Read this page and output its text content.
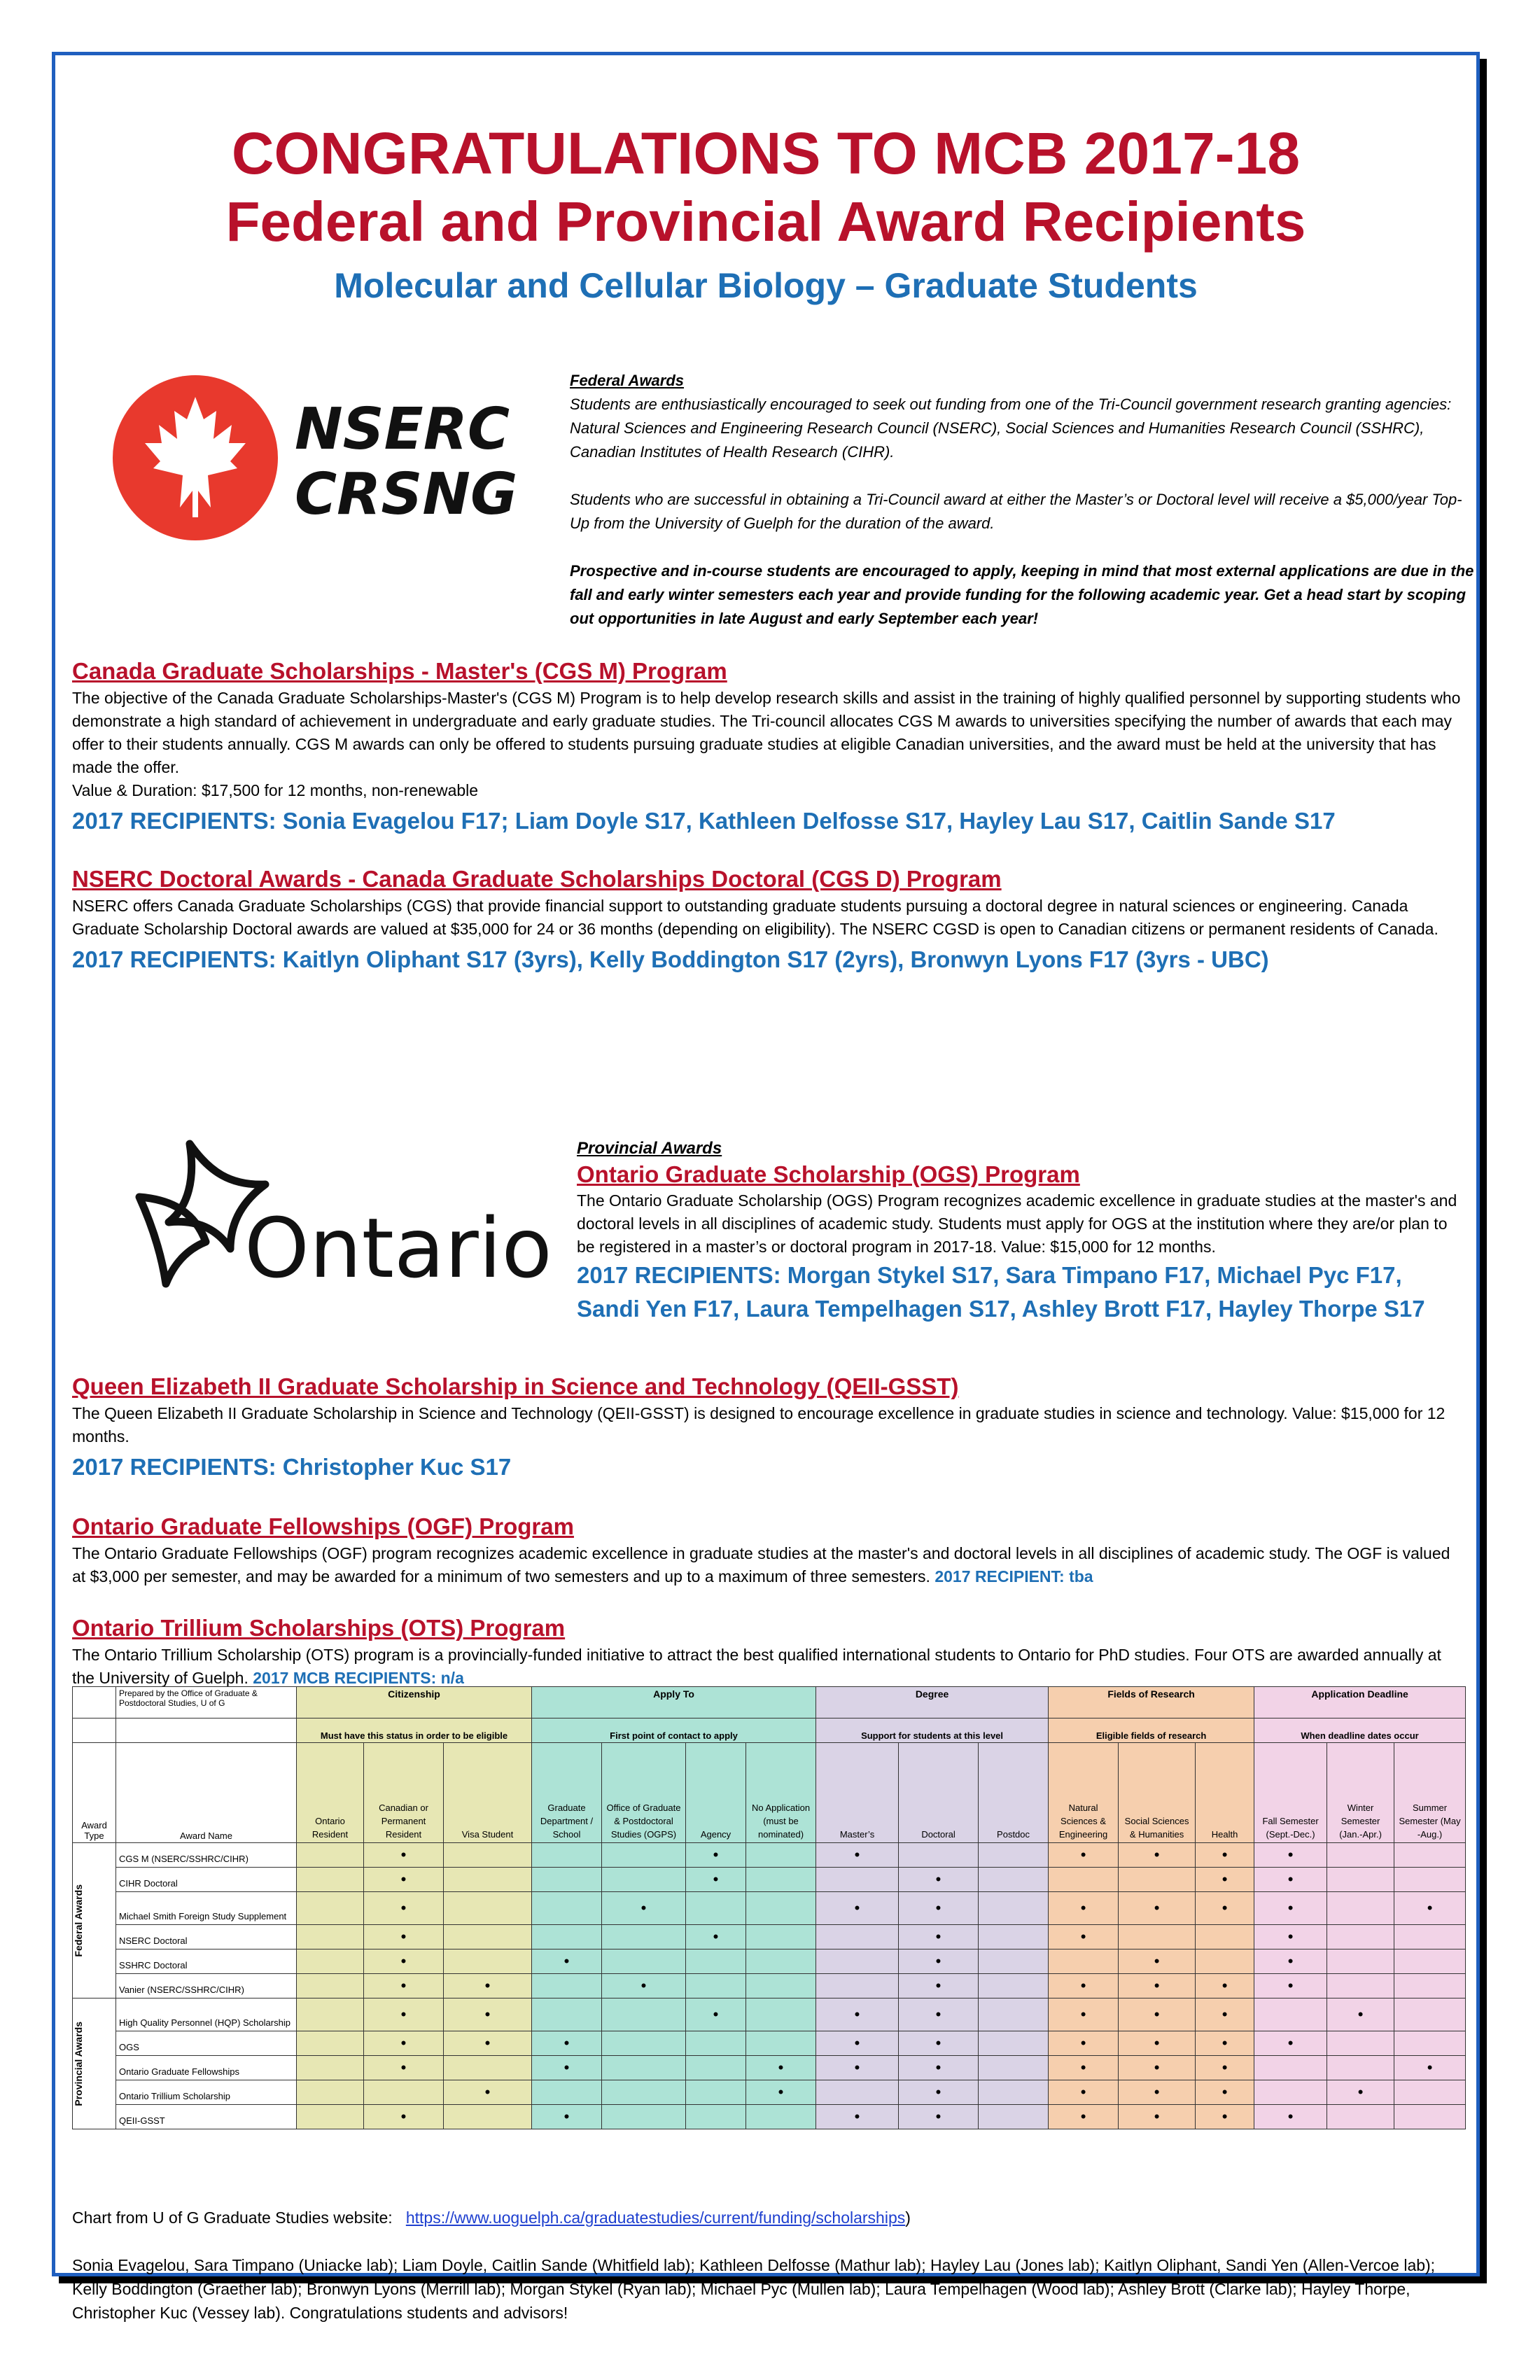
CONGRATULATIONS TO MCB 2017-18
Federal and Provincial Award Recipients
Molecular and Cellular Biology – Graduate Students
NSERC
CRSNG
Federal Awards

Students are enthusiastically encouraged to seek out funding from one of the Tri-Council government research granting agencies: Natural Sciences and Engineering Research Council (NSERC), Social Sciences and Humanities Research Council (SSHRC), Canadian Institutes of Health Research (CIHR).

Students who are successful in obtaining a Tri-Council award at either the Master’s or Doctoral level will receive a $5,000/year Top-Up from the University of Guelph for the duration of the award.

Prospective and in-course students are encouraged to apply, keeping in mind that most external applications are due in the fall and early winter semesters each year and provide funding for the following academic year. Get a head start by scoping out opportunities in late August and early September each year!

Canada Graduate Scholarships - Master's (CGS M) Program
The objective of the Canada Graduate Scholarships-Master's (CGS M) Program is to help develop research skills and assist in the training of highly qualified personnel by supporting students who demonstrate a high standard of achievement in undergraduate and early graduate studies. The Tri-council allocates CGS M awards to universities specifying the number of awards that each may offer to their students annually. CGS M awards can only be offered to students pursuing graduate studies at eligible Canadian universities, and the award must be held at the university that has made the offer.
Value & Duration: $17,500 for 12 months, non-renewable
2017 RECIPIENTS: Sonia Evagelou F17; Liam Doyle S17, Kathleen Delfosse S17, Hayley Lau S17, Caitlin Sande S17
NSERC Doctoral Awards - Canada Graduate Scholarships Doctoral (CGS D) Program
NSERC offers Canada Graduate Scholarships (CGS) that provide financial support to outstanding graduate students pursuing a doctoral degree in natural sciences or engineering. Canada Graduate Scholarship Doctoral awards are valued at $35,000 for 24 or 36 months (depending on eligibility). The NSERC CGSD is open to Canadian citizens or permanent residents of Canada.
2017 RECIPIENTS: Kaitlyn Oliphant S17 (3yrs), Kelly Boddington S17 (2yrs), Bronwyn Lyons F17 (3yrs - UBC)
Ontario
Provincial Awards
Ontario Graduate Scholarship (OGS) Program
The Ontario Graduate Scholarship (OGS) Program recognizes academic excellence in graduate studies at the master's and doctoral levels in all disciplines of academic study. Students must apply for OGS at the institution where they are/or plan to be registered in a master’s or doctoral program in 2017-18. Value: $15,000 for 12 months.
2017 RECIPIENTS: Morgan Stykel S17, Sara Timpano F17, Michael Pyc F17, Sandi Yen F17, Laura Tempelhagen S17, Ashley Brott F17, Hayley Thorpe S17
Queen Elizabeth II Graduate Scholarship in Science and Technology (QEII-GSST)
The Queen Elizabeth II Graduate Scholarship in Science and Technology (QEII-GSST) is designed to encourage excellence in graduate studies in science and technology. Value: $15,000 for 12 months.
2017 RECIPIENTS: Christopher Kuc S17
Ontario Graduate Fellowships (OGF) Program
The Ontario Graduate Fellowships (OGF) program recognizes academic excellence in graduate studies at the master's and doctoral levels in all disciplines of academic study. The OGF is valued at $3,000 per semester, and may be awarded for a minimum of two semesters and up to a maximum of three semesters. 2017 RECIPIENT: tba
Ontario Trillium Scholarships (OTS) Program
The Ontario Trillium Scholarship (OTS) program is a provincially-funded initiative to attract the best qualified international students to Ontario for PhD studies. Four OTS are awarded annually at the University of Guelph. 2017 MCB RECIPIENTS: n/a
	Prepared by the Office of Graduate & Postdoctoral Studies, U of G	Citizenship			Apply To				Degree			Fields of Research			Application Deadline		
		Must have this status in order to be eligible			First point of contact to apply				Support for students at this level			Eligible fields of research			When deadline dates occur		
Award Type	Award Name	Ontario Resident	Canadian or Permanent Resident	Visa Student	Graduate Department / School	Office of Graduate & Postdoctoral Studies (OGPS)	Agency	No Application (must be nominated)	Master’s	Doctoral	Postdoc	Natural Sciences & Engineering	Social Sciences & Humanities	Health	Fall Semester (Sept.-Dec.)	Winter Semester (Jan.-Apr.)	Summer Semester (May -Aug.)

Federal Awards	CGS M (NSERC/SSHRC/CIHR)		•				•		•			•	•	•	•		
	CIHR Doctoral		•				•			•				•	•		
	Michael Smith Foreign Study Supplement		•			•			•	•		•	•	•	•		•
	NSERC Doctoral		•				•			•		•			•		
	SSHRC Doctoral		•		•					•			•		•		
	Vanier (NSERC/SSHRC/CIHR)		•	•		•				•		•	•	•	•		

Provincial Awards	High Quality Personnel (HQP) Scholarship		•	•			•		•	•		•	•	•		•	
	OGS		•	•	•				•	•		•	•	•	•		
	Ontario Graduate Fellowships		•		•			•	•	•		•	•	•			•
	Ontario Trillium Scholarship			•				•		•		•	•	•		•	
	QEII-GSST		•		•				•	•		•	•	•	•		
Chart from U of G Graduate Studies website: https://www.uoguelph.ca/graduatestudies/current/funding/scholarships)
Sonia Evagelou, Sara Timpano (Uniacke lab); Liam Doyle, Caitlin Sande (Whitfield lab); Kathleen Delfosse (Mathur lab); Hayley Lau (Jones lab); Kaitlyn Oliphant, Sandi Yen (Allen-Vercoe lab); Kelly Boddington (Graether lab); Bronwyn Lyons (Merrill lab); Morgan Stykel (Ryan lab); Michael Pyc (Mullen lab); Laura Tempelhagen (Wood lab); Ashley Brott (Clarke lab); Hayley Thorpe, Christopher Kuc (Vessey lab). Congratulations students and advisors!
